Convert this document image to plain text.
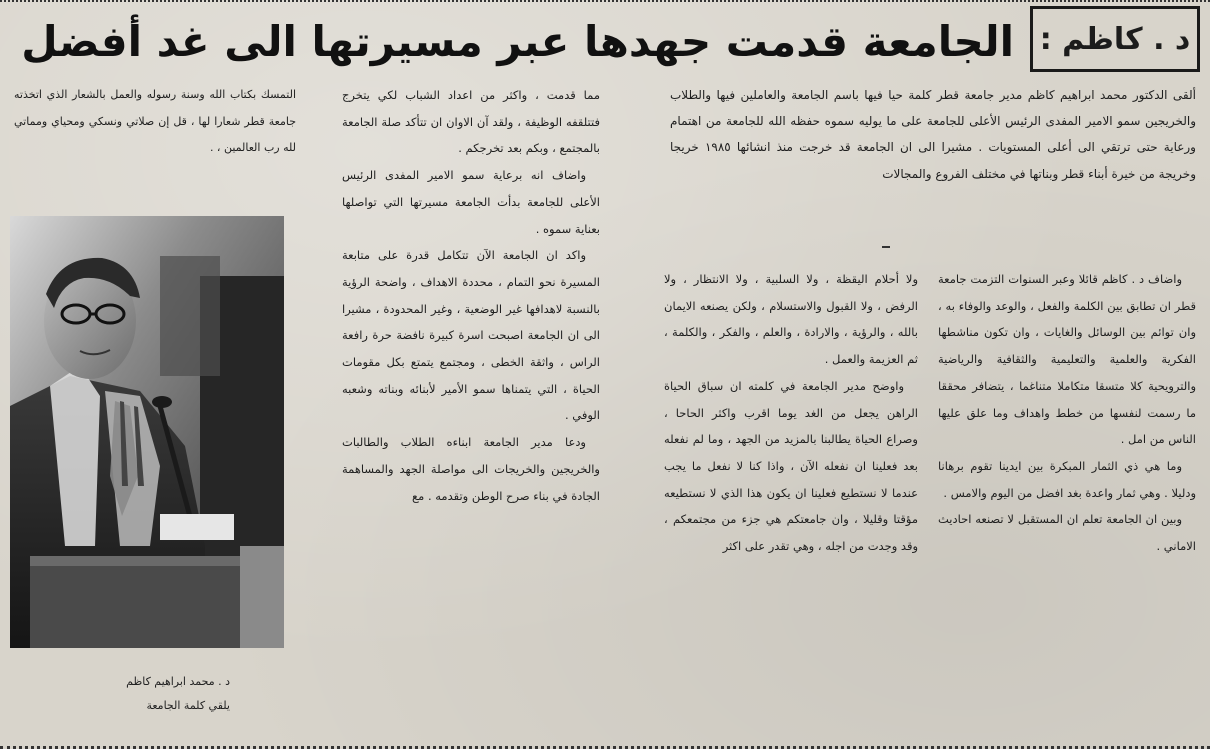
د . كاظم :
الجامعة قدمت جهدها عبر مسيرتها الى غد أفضل

ألقى الدكتور محمد ابراهيم كاظم مدير جامعة قطر كلمة حيا فيها باسم الجامعة والعاملين فيها والطلاب والخريجين سمو الامير المفدى الرئيس الأعلى للجامعة على ما يوليه سموه حفظه الله للجامعة من اهتمام ورعاية حتى ترتقي الى أعلى المستويات . مشيرا الى ان الجامعة قد خرجت منذ انشائها ١٩٨٥ خريجا وخريجة من خيرة أبناء قطر وبناتها في مختلف الفروع والمجالات

واضاف د . كاظم قائلا وعبر السنوات التزمت جامعة قطر ان تطابق بين الكلمة والفعل ، والوعد والوفاء به ، وان توائم بين الوسائل والغايات ، وان تكون مناشطها الفكرية والعلمية والتعليمية والثقافية والرياضية والترويحية كلا متسقا متكاملا متناغما ، يتضافر محققا ما رسمت لنفسها من خطط واهداف وما علق عليها الناس من امل .

وما هي ذي الثمار المبكرة بين ايدينا تقوم برهانا ودليلا . وهي ثمار واعدة بغد افضل من اليوم والامس .

وبين ان الجامعة تعلم ان المستقبل لا تصنعه احاديث الاماني .

ولا أحلام اليقظة ، ولا السلبية ، ولا الانتظار ، ولا الرفض ، ولا القبول والاستسلام ، ولكن يصنعه الايمان بالله ، والرؤية ، والارادة ، والعلم ، والفكر ، والكلمة ، ثم العزيمة والعمل .

واوضح مدير الجامعة في كلمته ان سباق الحياة الراهن يجعل من الغد يوما اقرب واكثر الحاحا ، وصراع الحياة يطالبنا بالمزيد من الجهد ، وما لم نفعله بعد فعلينا ان نفعله الآن ، واذا كنا لا نفعل ما يجب عندما لا نستطيع فعلينا ان يكون هذا الذي لا نستطيعه مؤقتا وقليلا ، وان جامعتكم هي جزء من مجتمعكم ، وقد وجدت من اجله ، وهي تقدر على اكثر

مما قدمت ، واكثر من اعداد الشباب لكي يتخرج فتتلقفه الوظيفة ، ولقد آن الاوان ان تتأكد صلة الجامعة بالمجتمع ، وبكم بعد تخرجكم .

واضاف انه برعاية سمو الامير المفدى الرئيس الأعلى للجامعة بدأت الجامعة مسيرتها التي تواصلها بعناية سموه .

واكد ان الجامعة الآن تتكامل قدرة على متابعة المسيرة نحو التمام ، محددة الاهداف ، واضحة الرؤية بالنسبة لاهدافها غير الوضعية ، وغير المحدودة ، مشيرا الى ان الجامعة اصبحت اسرة كبيرة نافضة حرة رافعة الراس ، واثقة الخطى ، ومجتمع يتمتع بكل مقومات الحياة ، التي يتمناها سمو الأمير لأبنائه وبناته وشعبه الوفي .

ودعا مدير الجامعة ابناءه الطلاب والطالبات والخريجين والخريجات الى مواصلة الجهد والمساهمة الجادة في بناء صرح الوطن وتقدمه . مع

التمسك بكتاب الله وسنة رسوله والعمل بالشعار الذي اتخذته جامعة قطر شعارا لها ، قل إن صلاتي ونسكي ومحياي ومماتي لله رب العالمين ، .

د . محمد ابراهيم كاظم
يلقي كلمة الجامعة
